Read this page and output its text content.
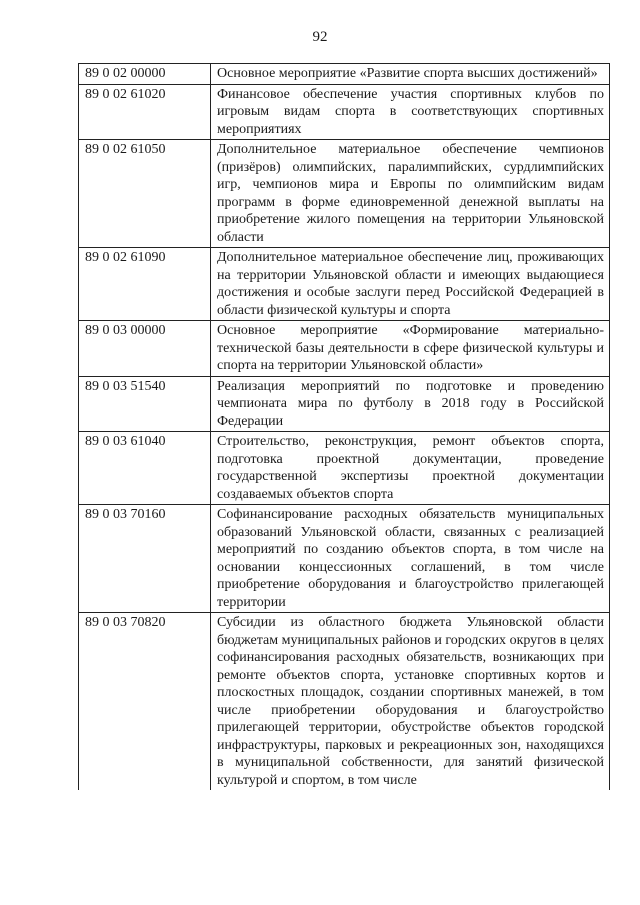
92
89 0 02 00000	Основное мероприятие «Развитие спорта высших достижений»
89 0 02 61020	Финансовое обеспечение участия спортивных клубов по игровым видам спорта в соответствующих спортивных мероприятиях
89 0 02 61050	Дополнительное материальное обеспечение чемпионов (призёров) олимпийских, паралимпийских, сурдлимпийских игр, чемпионов мира и Европы по олимпийским видам программ в форме единовременной денежной выплаты на приобретение жилого помещения на территории Ульяновской области
89 0 02 61090	Дополнительное материальное обеспечение лиц, проживающих на территории Ульяновской области и имеющих выдающиеся достижения и особые заслуги перед Российской Федерацией в области физической культуры и спорта
89 0 03 00000	Основное мероприятие «Формирование материально-технической базы деятельности в сфере физической культуры и спорта на территории Ульяновской области»
89 0 03 51540	Реализация мероприятий по подготовке и проведению чемпионата мира по футболу в 2018 году в Российской Федерации
89 0 03 61040	Строительство, реконструкция, ремонт объектов спорта, подготовка проектной документации, проведение государственной экспертизы проектной документации создаваемых объектов спорта
89 0 03 70160	Софинансирование расходных обязательств муниципальных образований Ульяновской области, связанных с реализацией мероприятий по созданию объектов спорта, в том числе на основании концессионных соглашений, в том числе приобретение оборудования и благоустройство прилегающей территории
89 0 03 70820	Субсидии из областного бюджета Ульяновской области бюджетам муниципальных районов и городских округов в целях софинансирования расходных обязательств, возникающих при ремонте объектов спорта, установке спортивных кортов и плоскостных площадок, создании спортивных манежей, в том числе приобретении оборудования и благоустройство прилегающей территории, обустройстве объектов городской инфраструктуры, парковых и рекреационных зон, находящихся в муниципальной собственности, для занятий физической культурой и спортом, в том числе
